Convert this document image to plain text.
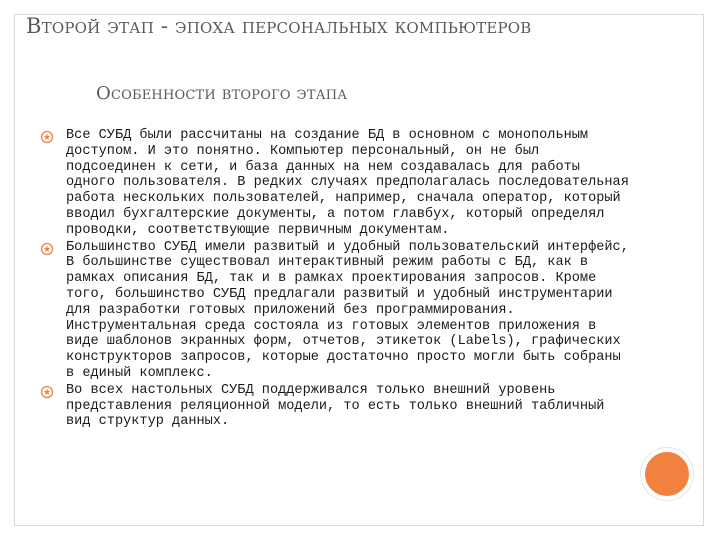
Второй этап - эпоха персональных компьютеров
Особенности второго этапа
Все СУБД были рассчитаны на создание БД в основном с монопольным доступом. И это понятно. Компьютер персональный, он не был подсоединен к сети, и база данных на нем создавалась для работы одного пользователя. В редких случаях предполагалась последовательная работа нескольких пользователей, например, сначала оператор, который вводил бухгалтерские документы, а потом главбух, который определял проводки, соответствующие первичным документам.
Большинство СУБД имели развитый и удобный пользовательский интерфейс, В большинстве существовал интерактивный режим работы с БД, как в рамках описания БД, так и в рамках проектирования запросов. Кроме того, большинство СУБД предлагали развитый и удобный инструментарии для разработки готовых приложений без программирования. Инструментальная среда состояла из готовых элементов приложения в виде шаблонов экранных форм, отчетов, этикеток (Labels), графических конструкторов запросов, которые достаточно просто могли быть собраны в единый комплекс.
Во всех настольных СУБД поддерживался только внешний уровень представления реляционной модели, то есть только внешний табличный вид структур данных.
